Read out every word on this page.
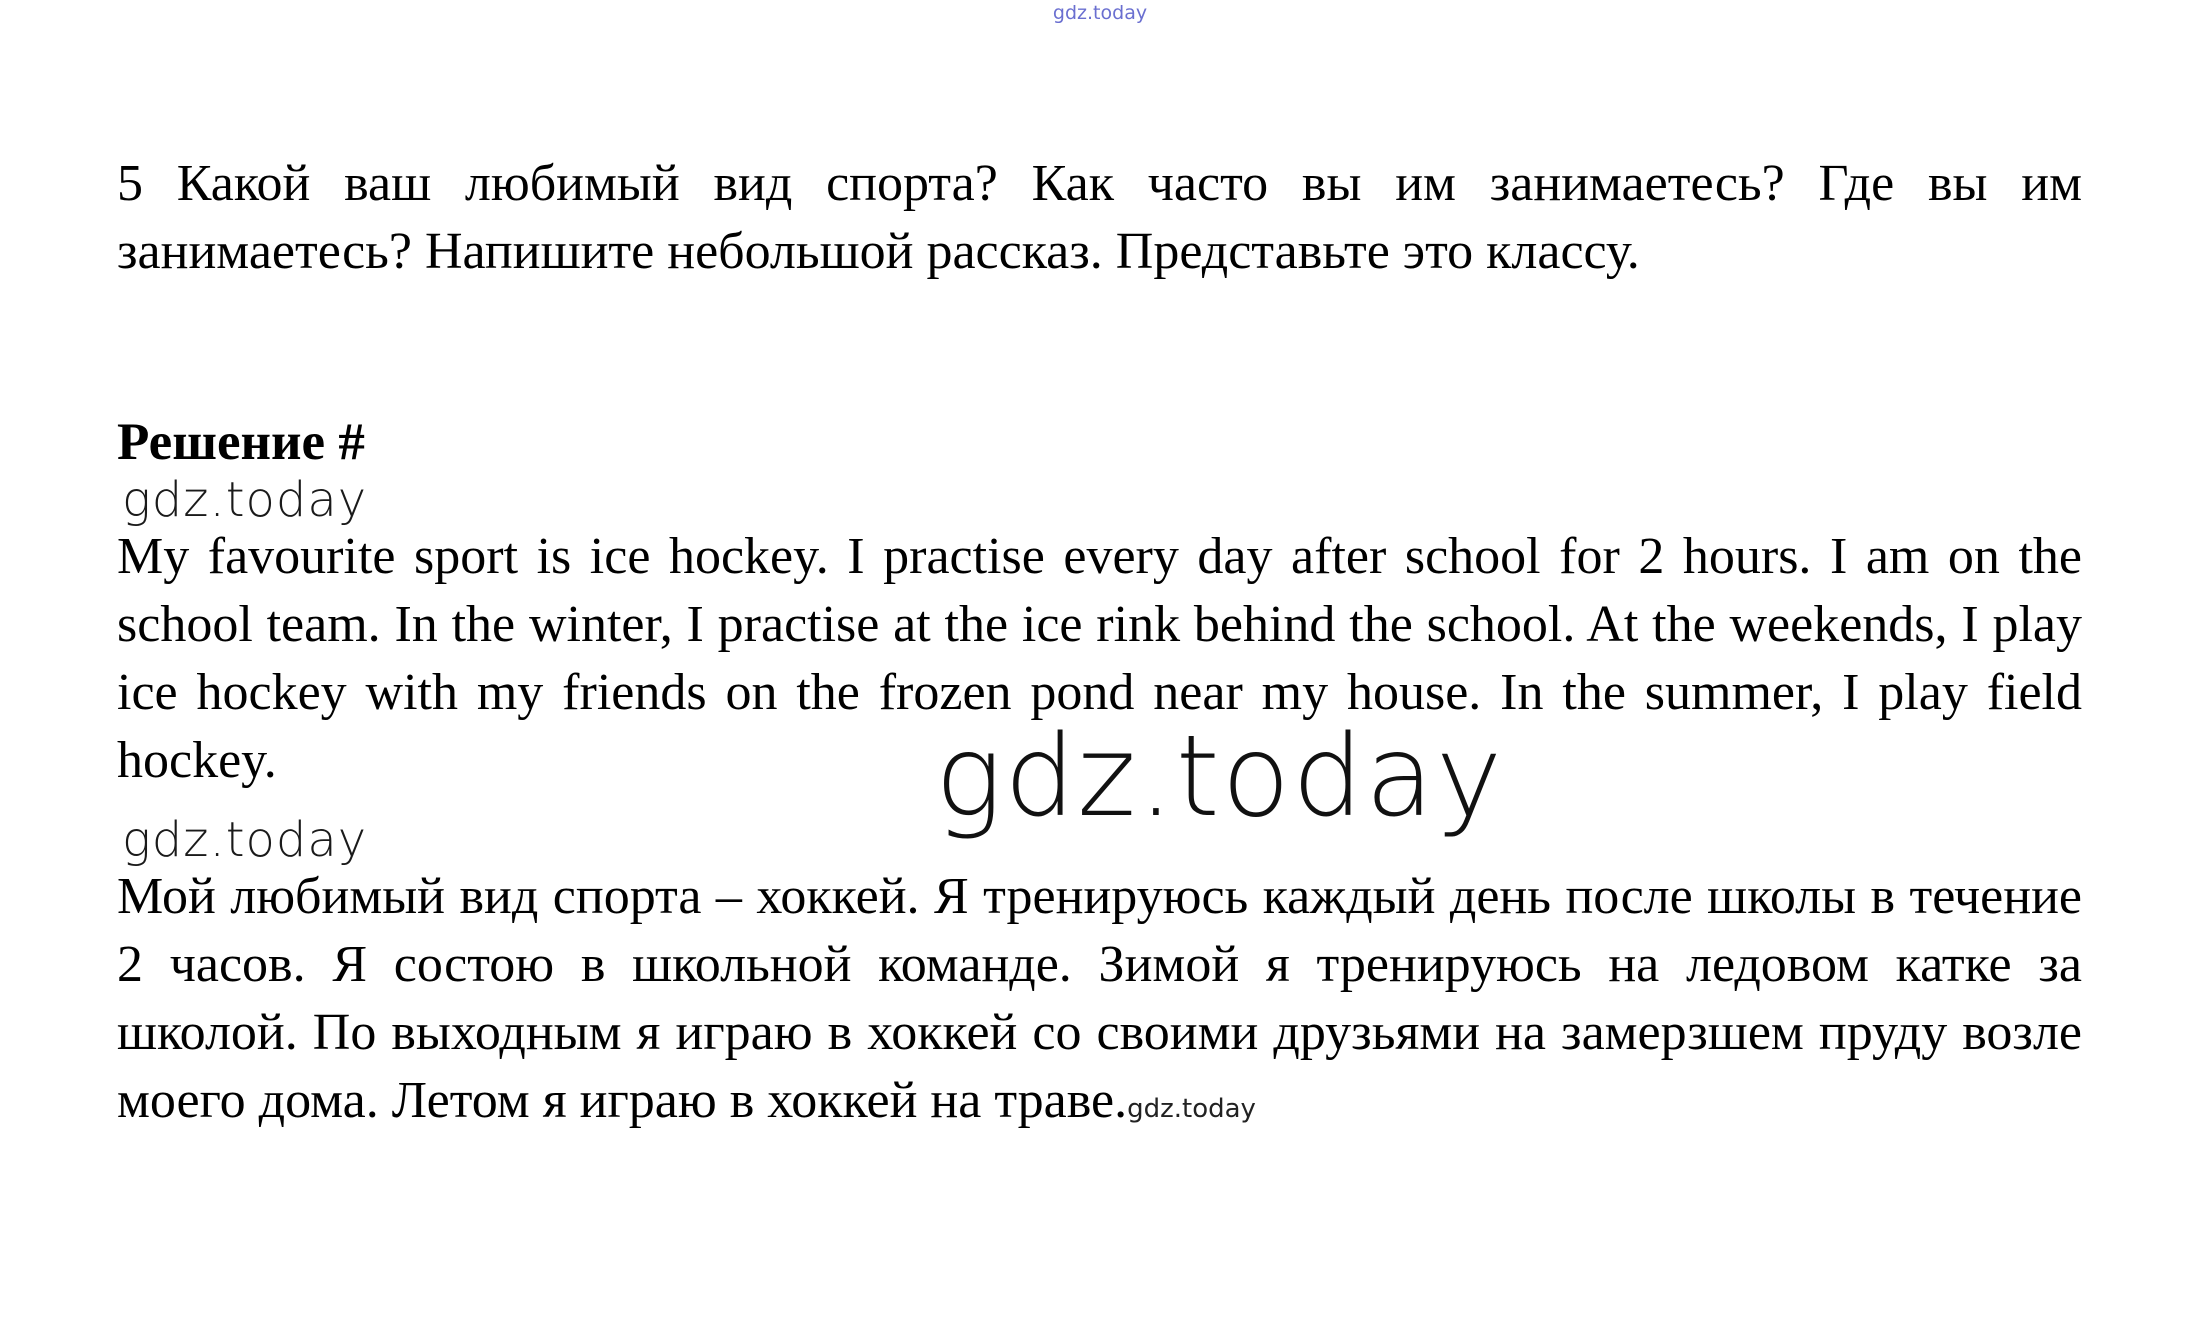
gdz.today

5 Какой ваш любимый вид спорта? Как часто вы им занимаетесь? Где вы им занимаетесь? Напишите небольшой рассказ. Представьте это классу.

Решение #

gdz.today

My favourite sport is ice hockey. I practise every day after school for 2 hours. I am on the school team. In the winter, I practise at the ice rink behind the school. At the weekends, I play ice hockey with my friends on the frozen pond near my house. In the summer, I play field hockey.	gdz.today

gdz.today

Мой любимый вид спорта – хоккей. Я тренируюсь каждый день после школы в течение 2 часов. Я состою в школьной команде. Зимой я тренируюсь на ледовом катке за школой. По выходным я играю в хоккей со своими друзьями на замерзшем пруду возле моего дома. Летом я играю в хоккей на траве.gdz.today
